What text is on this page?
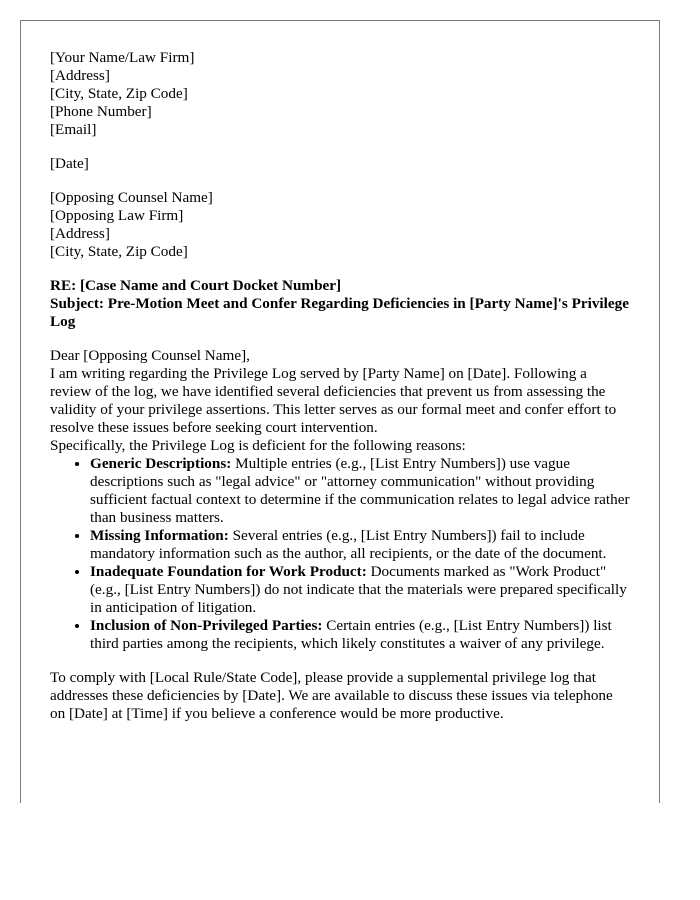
[Your Name/Law Firm]
[Address]
[City, State, Zip Code]
[Phone Number]
[Email]
[Date]
[Opposing Counsel Name]
[Opposing Law Firm]
[Address]
[City, State, Zip Code]
RE: [Case Name and Court Docket Number]
Subject: Pre-Motion Meet and Confer Regarding Deficiencies in [Party Name]'s Privilege Log

Dear [Opposing Counsel Name],

I am writing regarding the Privilege Log served by [Party Name] on [Date]. Following a review of the log, we have identified several deficiencies that prevent us from assessing the validity of your privilege assertions. This letter serves as our formal meet and confer effort to resolve these issues before seeking court intervention.

Specifically, the Privilege Log is deficient for the following reasons:

• Generic Descriptions: Multiple entries (e.g., [List Entry Numbers]) use vague descriptions such as "legal advice" or "attorney communication" without providing sufficient factual context to determine if the communication relates to legal advice rather than business matters.
• Missing Information: Several entries (e.g., [List Entry Numbers]) fail to include mandatory information such as the author, all recipients, or the date of the document.
• Inadequate Foundation for Work Product: Documents marked as "Work Product" (e.g., [List Entry Numbers]) do not indicate that the materials were prepared specifically in anticipation of litigation.
• Inclusion of Non-Privileged Parties: Certain entries (e.g., [List Entry Numbers]) list third parties among the recipients, which likely constitutes a waiver of any privilege.

To comply with [Local Rule/State Code], please provide a supplemental privilege log that addresses these deficiencies by [Date]. We are available to discuss these issues via telephone on [Date] at [Time] if you believe a conference would be more productive.
